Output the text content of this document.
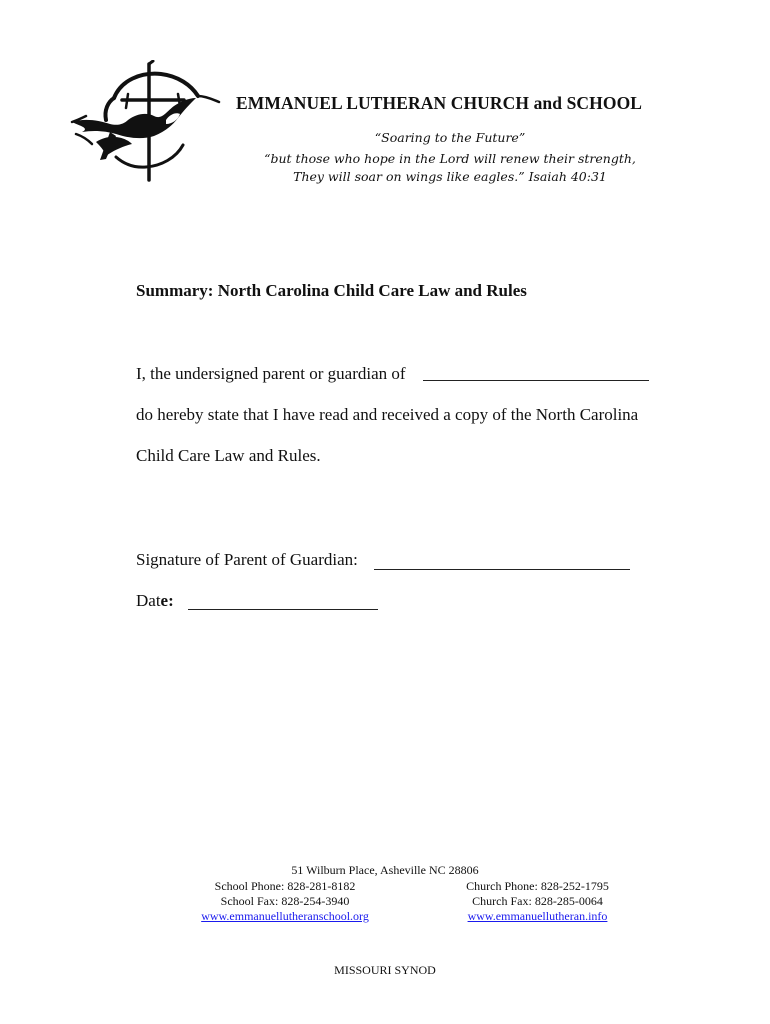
EMMANUEL LUTHERAN CHURCH and SCHOOL
“Soaring to the Future”
“but those who hope in the Lord will renew their strength,
They will soar on wings like eagles.” Isaiah 40:31
Summary: North Carolina Child Care Law and Rules
I, the undersigned parent or guardian of
do hereby state that I have read and received a copy of the North Carolina
Child Care Law and Rules.
Signature of Parent of Guardian:
Date:
51 Wilburn Place, Asheville NC 28806
School Phone: 828-281-8182
School Fax: 828-254-3940
www.emmanuellutheranschool.org
Church Phone: 828-252-1795
Church Fax: 828-285-0064
www.emmanuellutheran.info
MISSOURI SYNOD
